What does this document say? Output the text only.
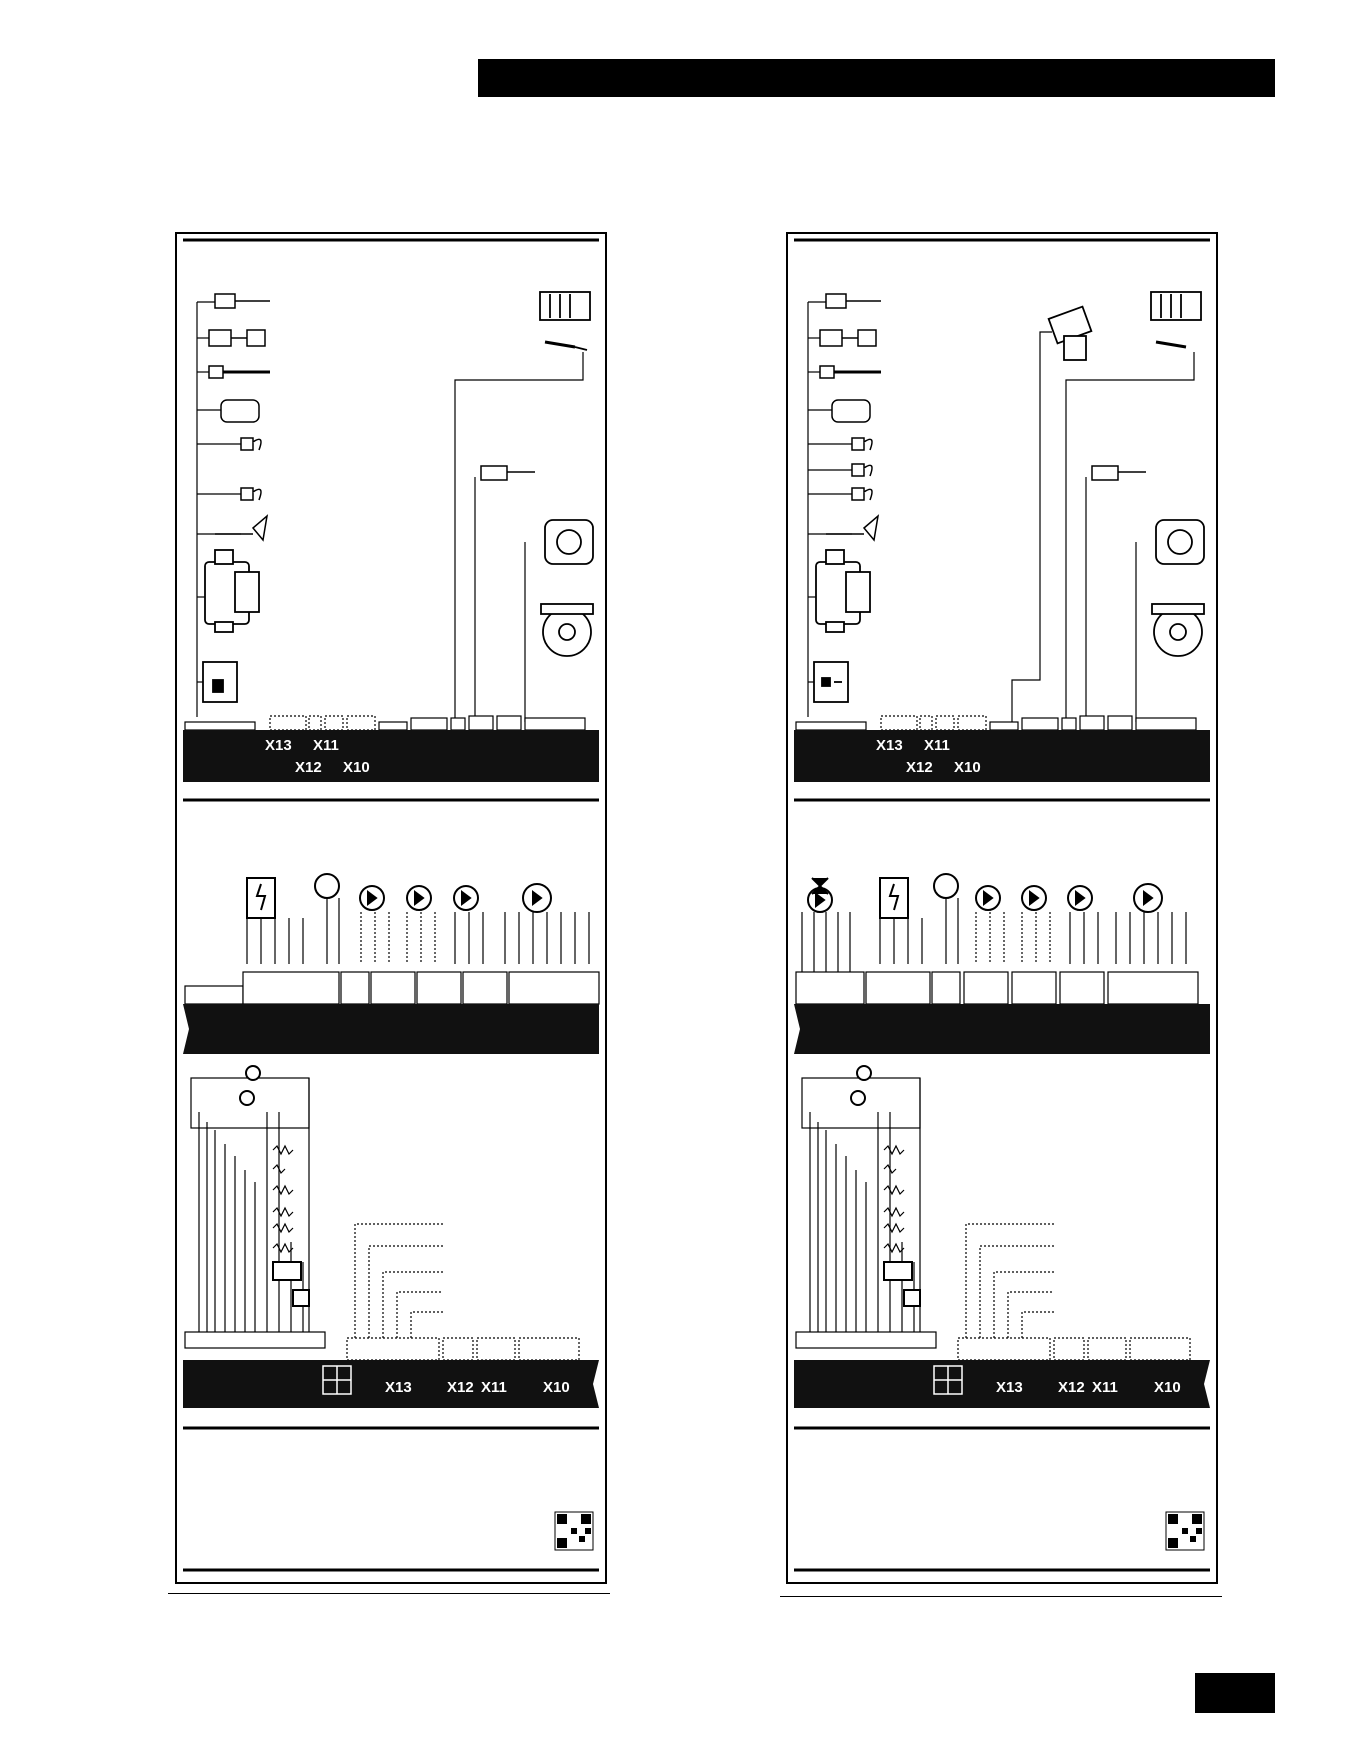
X13 X11
X12 X10
X13 X12 X11 X10
X13 X11
X12 X10
X13 X12 X11 X10
